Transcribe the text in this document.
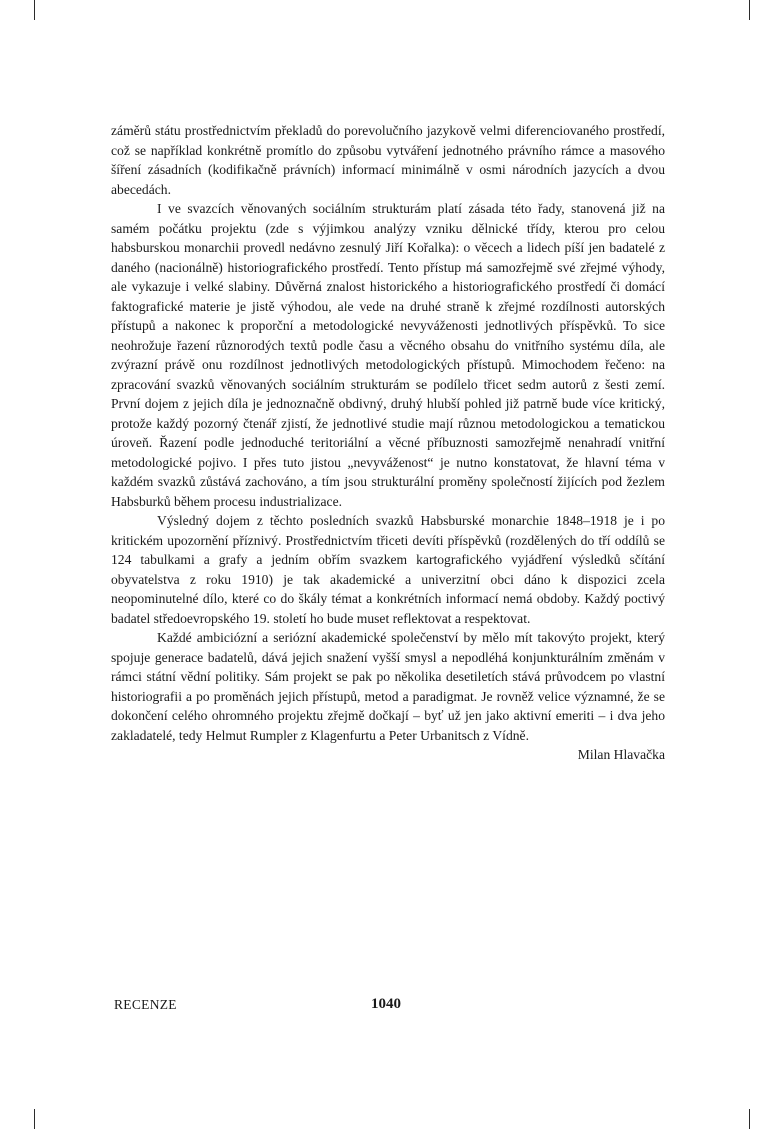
záměrů státu prostřednictvím překladů do porevolučního jazykově velmi diferenciovaného prostředí, což se například konkrétně promítlo do způsobu vytváření jednotného právního rámce a masového šíření zásadních (kodifikačně právních) informací minimálně v osmi národních jazycích a dvou abecedách.

I ve svazcích věnovaných sociálním strukturám platí zásada této řady, stanovená již na samém počátku projektu (zde s výjimkou analýzy vzniku dělnické třídy, kterou pro celou habsburskou monarchii provedl nedávno zesnulý Jiří Kořalka): o věcech a lidech píší jen badatelé z daného (nacionálně) historiografického prostředí. Tento přístup má samozřejmě své zřejmé výhody, ale vykazuje i velké slabiny. Důvěrná znalost historického a historiografického prostředí či domácí faktografické materie je jistě výhodou, ale vede na druhé straně k zřejmé rozdílnosti autorských přístupů a nakonec k proporční a metodologické nevyváženosti jednotlivých příspěvků. To sice neohrožuje řazení různorodých textů podle času a věcného obsahu do vnitřního systému díla, ale zvýrazní právě onu rozdílnost jednotlivých metodologických přístupů. Mimochodem řečeno: na zpracování svazků věnovaných sociálním strukturám se podílelo třicet sedm autorů z šesti zemí. První dojem z jejich díla je jednoznačně obdivný, druhý hlubší pohled již patrně bude více kritický, protože každý pozorný čtenář zjistí, že jednotlivé studie mají různou metodologickou a tematickou úroveň. Řazení podle jednoduché teritoriální a věcné příbuznosti samozřejmě nenahradí vnitřní metodologické pojivo. I přes tuto jistou „nevyváženost“ je nutno konstatovat, že hlavní téma v každém svazků zůstává zachováno, a tím jsou strukturální proměny společností žijících pod žezlem Habsburků během procesu industrializace.

Výsledný dojem z těchto posledních svazků Habsburské monarchie 1848–1918 je i po kritickém upozornění příznivý. Prostřednictvím třiceti devíti příspěvků (rozdělených do tří oddílů se 124 tabulkami a grafy a jedním obřím svazkem kartografického vyjádření výsledků sčítání obyvatelstva z roku 1910) je tak akademické a univerzitní obci dáno k dispozici zcela neopominutelné dílo, které co do škály témat a konkrétních informací nemá obdoby. Každý poctivý badatel středoevropského 19. století ho bude muset reflektovat a respektovat.

Každé ambiciózní a seriózní akademické společenství by mělo mít takovýto projekt, který spojuje generace badatelů, dává jejich snažení vyšší smysl a nepodléhá konjunkturálním změnám v rámci státní vědní politiky. Sám projekt se pak po několika desetiletích stává průvodcem po vlastní historiografii a po proměnách jejich přístupů, metod a paradigmat. Je rovněž velice významné, že se dokončení celého ohromného projektu zřejmě dočkají – byť už jen jako aktivní emeriti – i dva jeho zakladatelé, tedy Helmut Rumpler z Klagenfurtu a Peter Urbanitsch z Vídně.

Milan Hlavačka

RECENZE	1040
